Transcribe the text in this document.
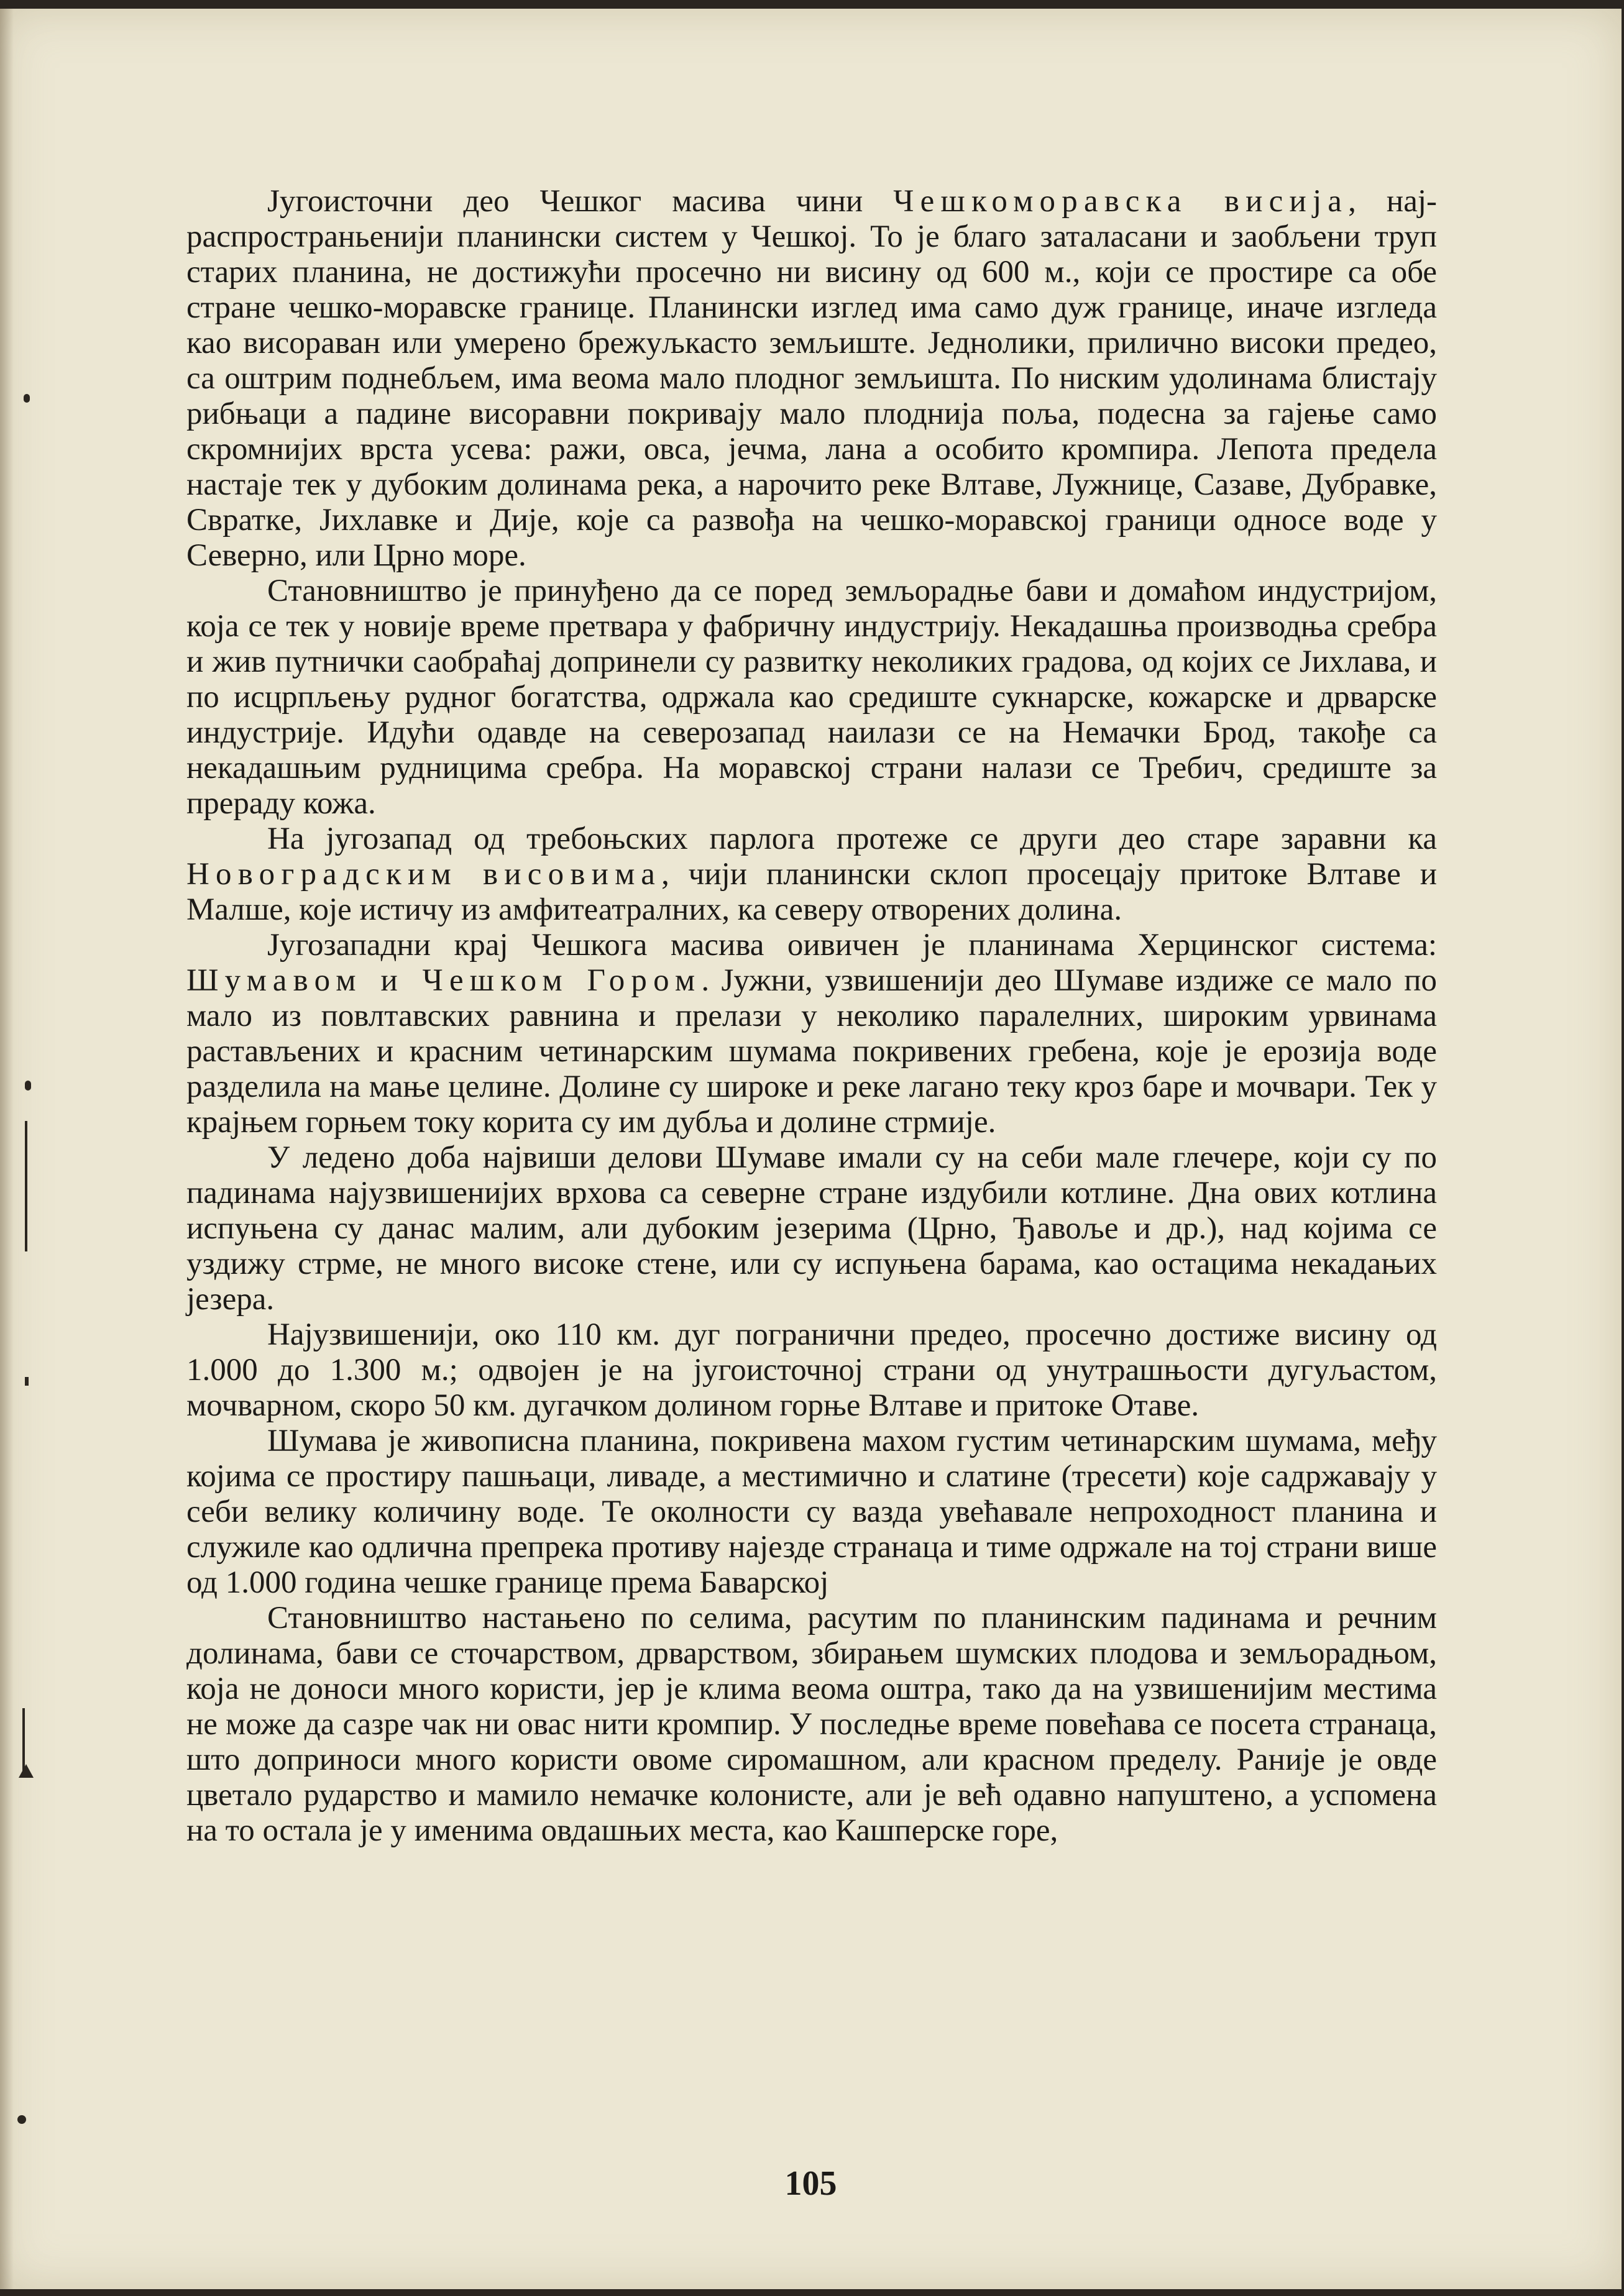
Југоисточни део Чешког масива чини Чешкоморавска висија, нај-распространьенији планински систем у Чешкој. То је благо заталасани и заобљени труп старих планина, не достижући просечно ни висину од 600 м., који се простире са обе стране чешко-моравске границе. Планински изглед има само дуж границе, иначе изгледа као висораван или умерено брежуљкасто земљиште. Једнолики, прилично високи предео, са оштрим поднебљем, има веома мало плодног земљишта. По ниским удолинама блистају рибњаци а падине висоравни покривају мало плоднија поља, подесна за гајење само скромнијих врста усева: ражи, овса, јечма, лана а особито кромпира. Лепота предела настаје тек у дубоким долинама река, а нарочито реке Влтаве, Лужнице, Сазаве, Дубравке, Свратке, Јихлавке и Дије, које са развођа на чешко-моравској граници односе воде у Северно, или Црно море.

Становништво је принуђено да се поред земљорадње бави и домаћом индустријом, која се тек у новије време претвара у фабричну индустрију. Некадашња производња сребра и жив путнички саобраћај допринели су развитку неколиких градова, од којих се Јихлава, и по исцрпљењу рудног богатства, одржала као средиште сукнарске, кожарске и дрварске индустрије. Идући одавде на северозапад наилази се на Немачки Брод, такође са некадашњим рудницима сребра. На моравској страни налази се Требич, средиште за прераду кожа.

На југозапад од требоњских парлога протеже се други део старе заравни ка Новоградским висовима, чији планински склоп просецају притоке Влтаве и Малше, које истичу из амфитеатралних, ка северу отворених долина.

Југозападни крај Чешкога масива оивичен је планинама Херцинског система: Шумавом и Чешком Гором. Јужни, узвишенији део Шумаве издиже се мало по мало из повлтавских равнина и прелази у неколико паралелних, широким урвинама растављених и красним четинарским шумама покривених гребена, које је ерозија воде разделила на мање целине. Долине су широке и реке лагано теку кроз баре и мочвари. Тек у крајњем горњем току корита су им дубља и долине стрмије.

У ледено доба највиши делови Шумаве имали су на себи мале глечере, који су по падинама најузвишенијих врхова са северне стране издубили котлине. Дна ових котлина испуњена су данас малим, али дубоким језерима (Црно, Ђавоље и др.), над којима се уздижу стрме, не много високе стене, или су испуњена барама, као остацима некадањих језера.

Најузвишенији, око 110 км. дуг погранични предео, просечно достиже висину од 1.000 до 1.300 м.; одвојен је на југоисточној страни од унутрашњости дугуљастом, мочварном, скоро 50 км. дугачком долином горње Влтаве и притоке Отаве.

Шумава је живописна планина, покривена махом густим четинарским шумама, међу којима се простиру пашњаци, ливаде, а местимично и слатине (тресети) које садржавају у себи велику количину воде. Те околности су вазда увећавале непроходност планина и служиле као одлична препрека противу најезде странаца и тиме одржале на тој страни више од 1.000 година чешке границе према Баварској

Становништво настањено по селима, расутим по планинским падинама и речним долинама, бави се сточарством, дрварством, збирањем шумских плодова и земљорадњом, која не доноси много користи, јер је клима веома оштра, тако да на узвишенијим местима не може да сазре чак ни овас нити кромпир. У последње време повећава се посета странаца, што доприноси много користи овоме сиромашном, али красном пределу. Раније је овде цветало рударство и мамило немачке колонисте, али је већ одавно напуштено, а успомена на то остала је у именима овдашњих места, као Кашперске горе,

105
